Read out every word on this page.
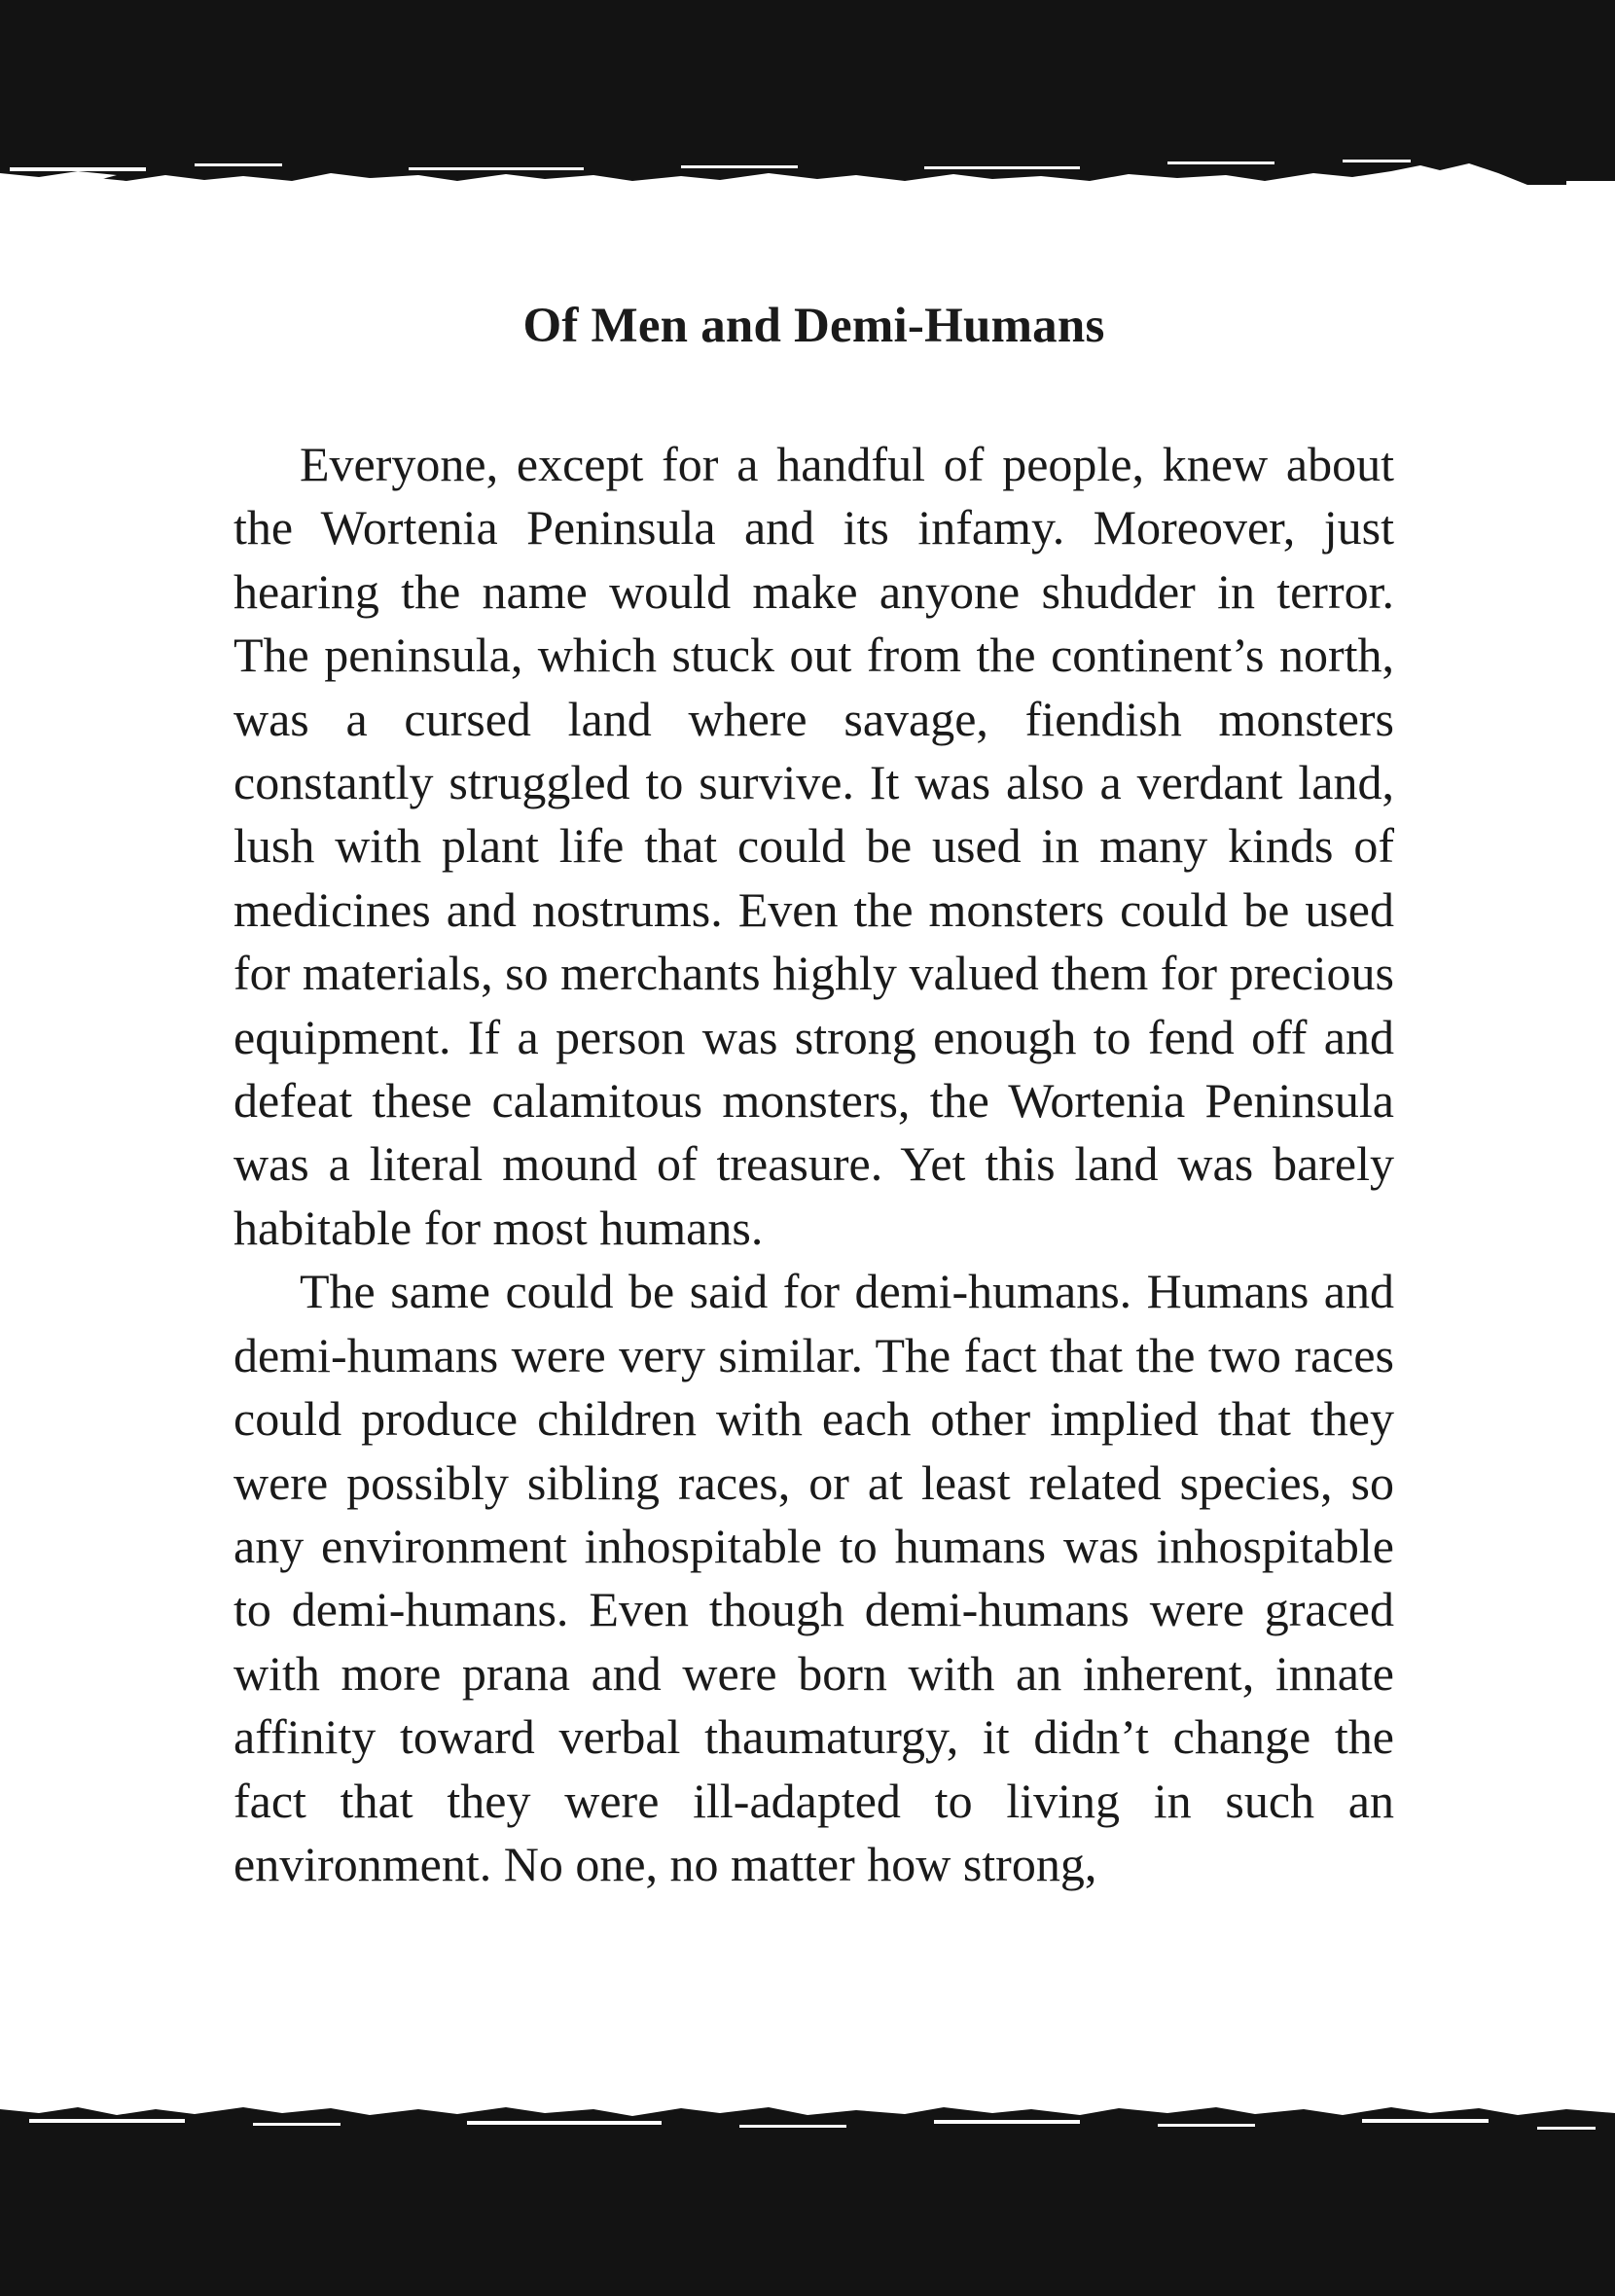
Of Men and Demi-Humans

Everyone, except for a handful of people, knew about the Wortenia Peninsula and its infamy. Moreover, just hearing the name would make anyone shudder in terror. The peninsula, which stuck out from the continent’s north, was a cursed land where savage, fiendish monsters constantly struggled to survive. It was also a verdant land, lush with plant life that could be used in many kinds of medicines and nostrums. Even the monsters could be used for materials, so merchants highly valued them for precious equipment. If a person was strong enough to fend off and defeat these calamitous monsters, the Wortenia Peninsula was a literal mound of treasure. Yet this land was barely habitable for most humans.

The same could be said for demi-humans. Humans and demi-humans were very similar. The fact that the two races could produce children with each other implied that they were possibly sibling races, or at least related species, so any environment inhospitable to humans was inhospitable to demi-humans. Even though demi-humans were graced with more prana and were born with an inherent, innate affinity toward verbal thaumaturgy, it didn’t change the fact that they were ill-adapted to living in such an environment. No one, no matter how strong,
